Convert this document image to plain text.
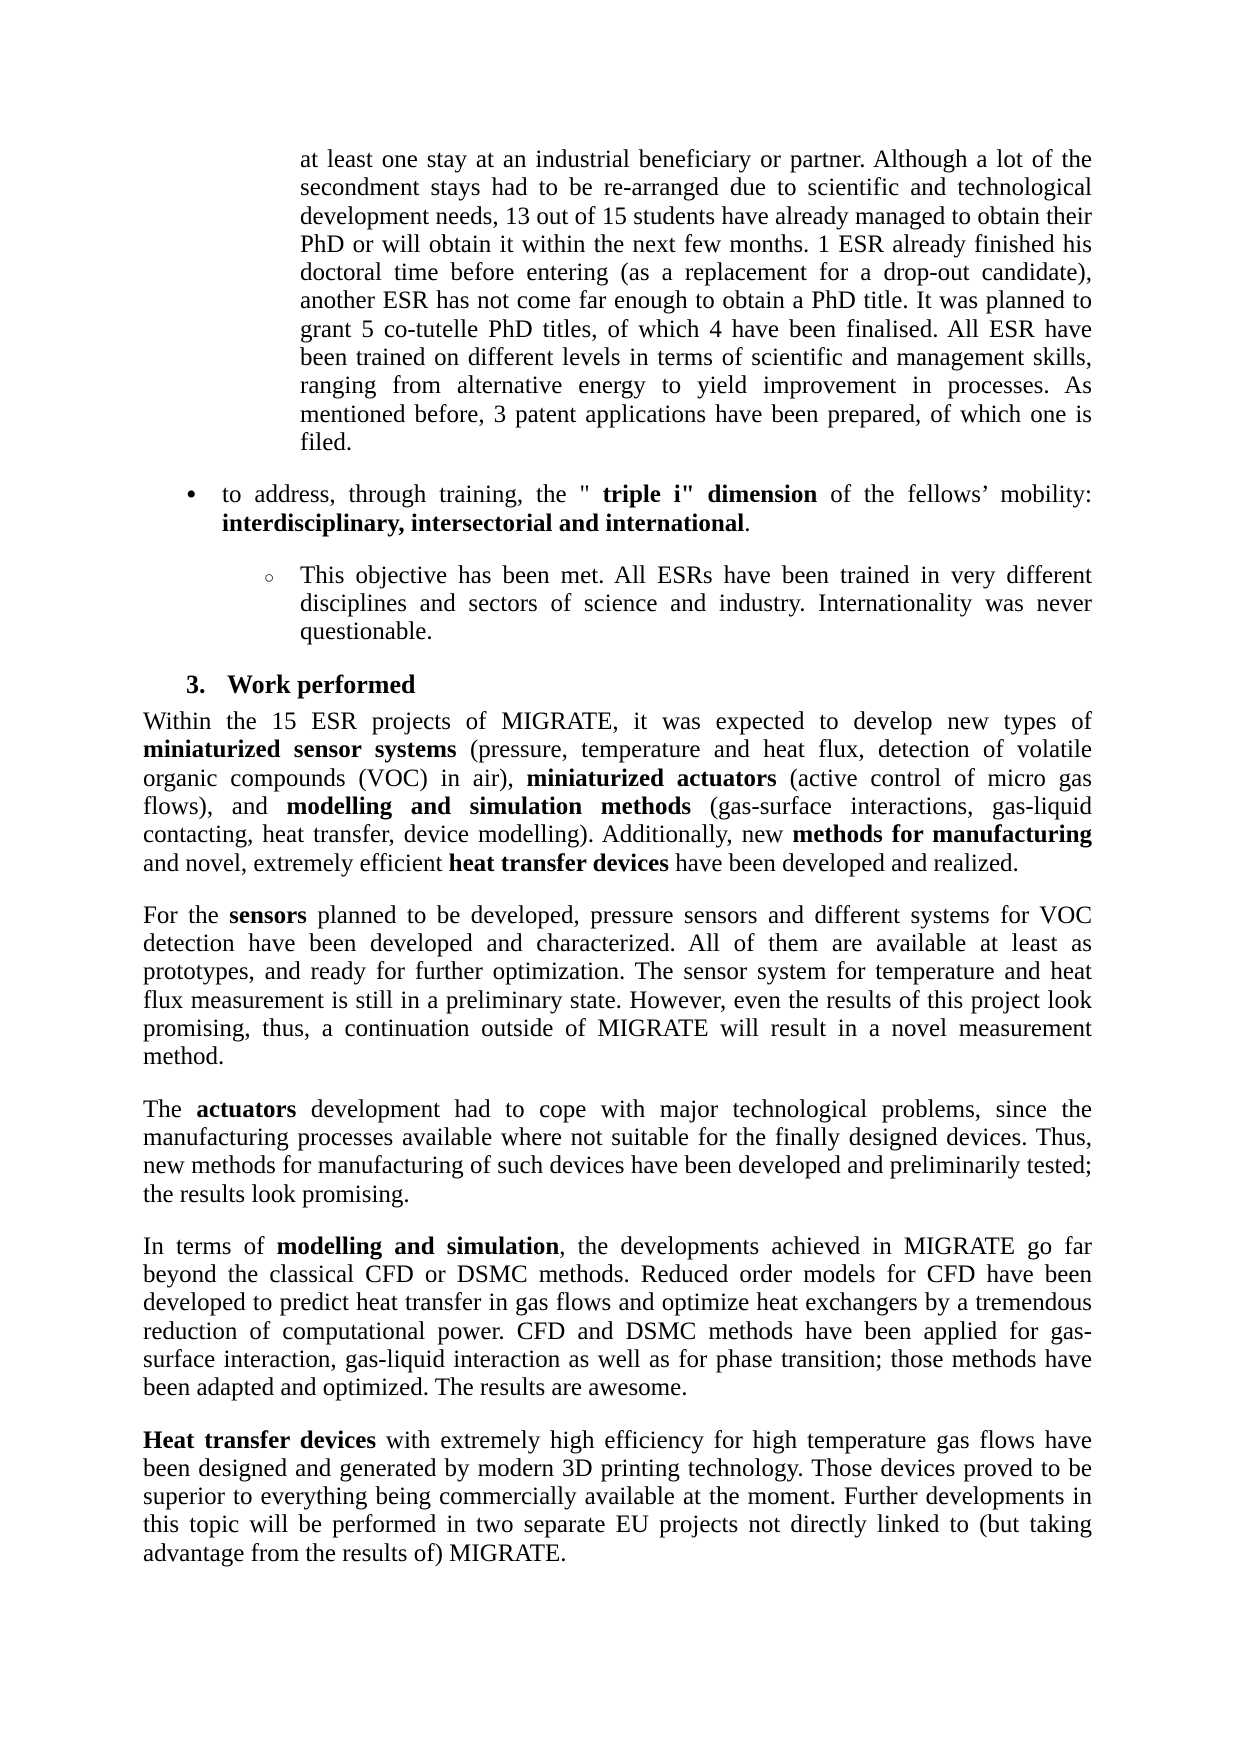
at least one stay at an industrial beneficiary or partner. Although a lot of the secondment stays had to be re-arranged due to scientific and technological development needs, 13 out of 15 students have already managed to obtain their PhD or will obtain it within the next few months. 1 ESR already finished his doctoral time before entering (as a replacement for a drop-out candidate), another ESR has not come far enough to obtain a PhD title. It was planned to grant 5 co-tutelle PhD titles, of which 4 have been finalised. All ESR have been trained on different levels in terms of scientific and management skills, ranging from alternative energy to yield improvement in processes. As mentioned before, 3 patent applications have been prepared, of which one is filed.

• to address, through training, the " triple i" dimension of the fellows’ mobility: interdisciplinary, intersectorial and international.

○ This objective has been met. All ESRs have been trained in very different disciplines and sectors of science and industry. Internationality was never questionable.

3. Work performed

Within the 15 ESR projects of MIGRATE, it was expected to develop new types of miniaturized sensor systems (pressure, temperature and heat flux, detection of volatile organic compounds (VOC) in air), miniaturized actuators (active control of micro gas flows), and modelling and simulation methods (gas-surface interactions, gas-liquid contacting, heat transfer, device modelling). Additionally, new methods for manufacturing and novel, extremely efficient heat transfer devices have been developed and realized.

For the sensors planned to be developed, pressure sensors and different systems for VOC detection have been developed and characterized. All of them are available at least as prototypes, and ready for further optimization. The sensor system for temperature and heat flux measurement is still in a preliminary state. However, even the results of this project look promising, thus, a continuation outside of MIGRATE will result in a novel measurement method.

The actuators development had to cope with major technological problems, since the manufacturing processes available where not suitable for the finally designed devices. Thus, new methods for manufacturing of such devices have been developed and preliminarily tested; the results look promising.

In terms of modelling and simulation, the developments achieved in MIGRATE go far beyond the classical CFD or DSMC methods. Reduced order models for CFD have been developed to predict heat transfer in gas flows and optimize heat exchangers by a tremendous reduction of computational power. CFD and DSMC methods have been applied for gas-surface interaction, gas-liquid interaction as well as for phase transition; those methods have been adapted and optimized. The results are awesome.

Heat transfer devices with extremely high efficiency for high temperature gas flows have been designed and generated by modern 3D printing technology. Those devices proved to be superior to everything being commercially available at the moment. Further developments in this topic will be performed in two separate EU projects not directly linked to (but taking advantage from the results of) MIGRATE.
